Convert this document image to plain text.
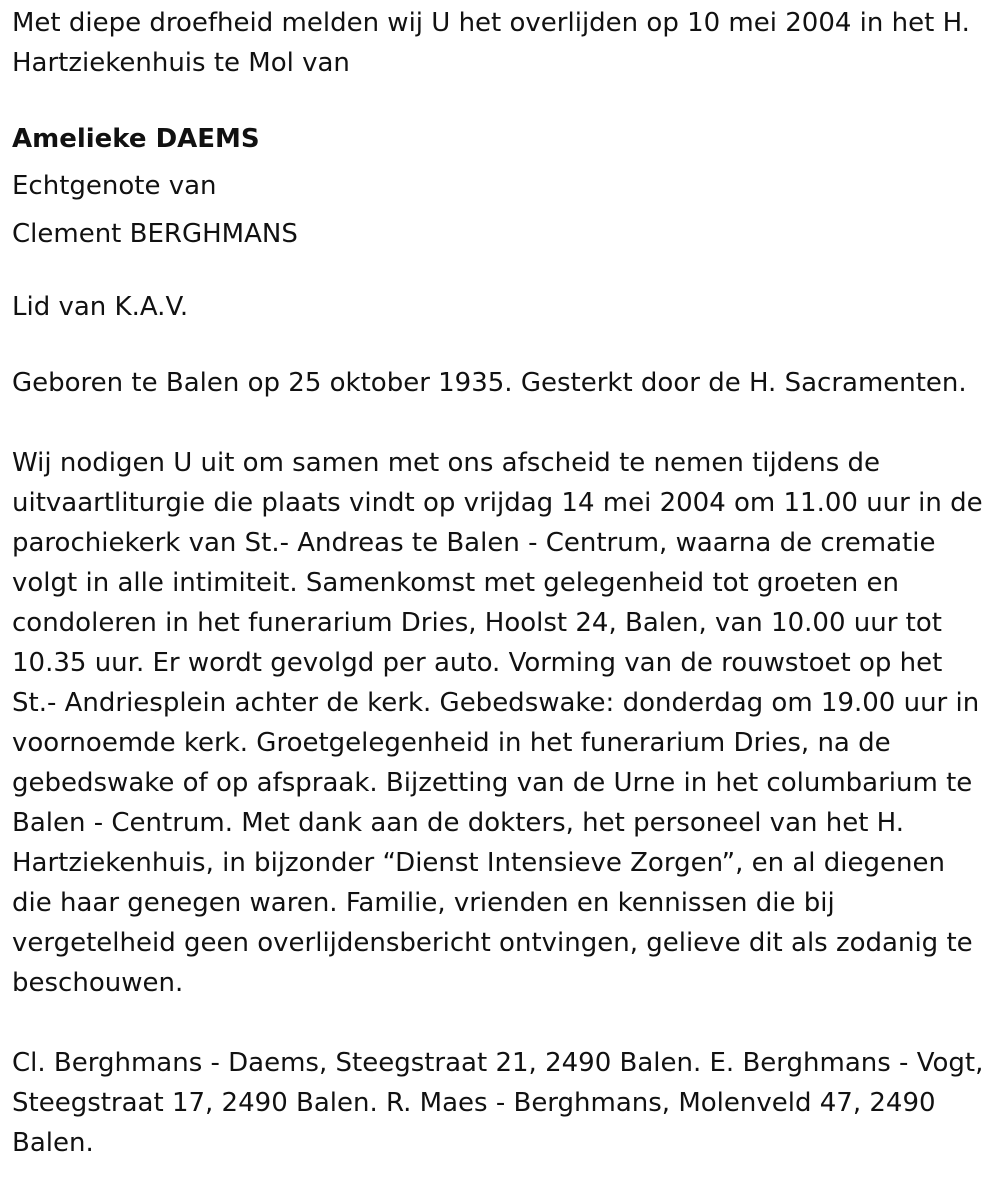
Met diepe droefheid melden wij U het overlijden op 10 mei 2004 in het H. Hartziekenhuis te Mol van

Amelieke DAEMS

Echtgenote van

Clement BERGHMANS

Lid van K.A.V.

Geboren te Balen op 25 oktober 1935. Gesterkt door de H. Sacramenten.

Wij nodigen U uit om samen met ons afscheid te nemen tijdens de uitvaartliturgie die plaats vindt op vrijdag 14 mei 2004 om 11.00 uur in de parochiekerk van St.- Andreas te Balen - Centrum, waarna de crematie volgt in alle intimiteit. Samenkomst met gelegenheid tot groeten en condoleren in het funerarium Dries, Hoolst 24, Balen, van 10.00 uur tot 10.35 uur. Er wordt gevolgd per auto. Vorming van de rouwstoet op het St.- Andriesplein achter de kerk. Gebedswake: donderdag om 19.00 uur in voornoemde kerk. Groetgelegenheid in het funerarium Dries, na de gebedswake of op afspraak. Bijzetting van de Urne in het columbarium te Balen - Centrum. Met dank aan de dokters, het personeel van het H. Hartziekenhuis, in bijzonder “Dienst Intensieve Zorgen”, en al diegenen die haar genegen waren. Familie, vrienden en kennissen die bij vergetelheid geen overlijdensbericht ontvingen, gelieve dit als zodanig te beschouwen.

Cl. Berghmans - Daems, Steegstraat 21, 2490 Balen. E. Berghmans - Vogt, Steegstraat 17, 2490 Balen. R. Maes - Berghmans, Molenveld 47, 2490 Balen.
